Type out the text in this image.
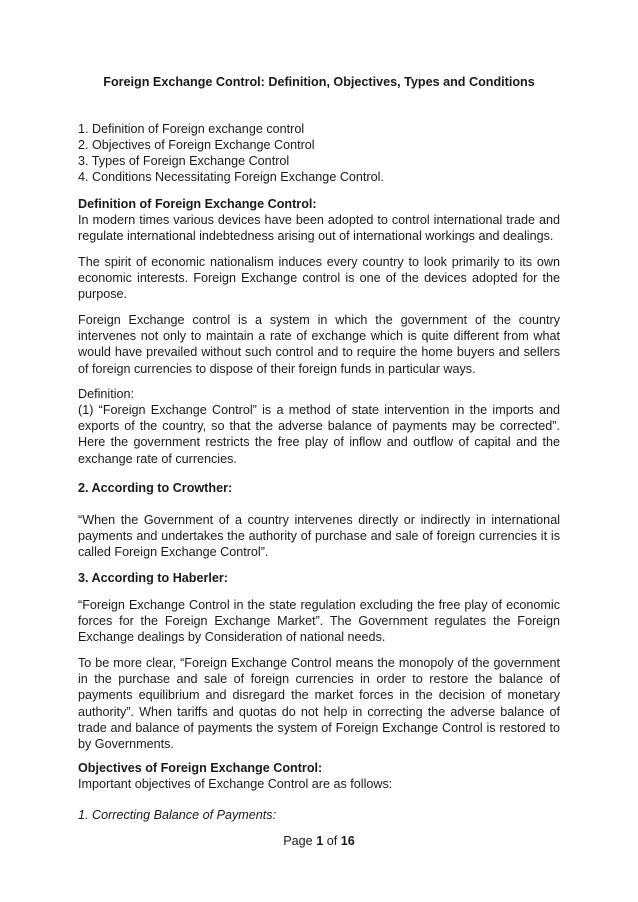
Foreign Exchange Control: Definition, Objectives, Types and Conditions
1. Definition of Foreign exchange control
2. Objectives of Foreign Exchange Control
3. Types of Foreign Exchange Control
4. Conditions Necessitating Foreign Exchange Control.
Definition of Foreign Exchange Control:
In modern times various devices have been adopted to control international trade and regulate international indebtedness arising out of international workings and dealings.
The spirit of economic nationalism induces every country to look primarily to its own economic interests. Foreign Exchange control is one of the devices adopted for the purpose.
Foreign Exchange control is a system in which the government of the country intervenes not only to maintain a rate of exchange which is quite different from what would have prevailed without such control and to require the home buyers and sellers of foreign currencies to dispose of their foreign funds in particular ways.
Definition:
(1) “Foreign Exchange Control” is a method of state intervention in the imports and exports of the country, so that the adverse balance of payments may be corrected”. Here the government restricts the free play of inflow and outflow of capital and the exchange rate of currencies.
2. According to Crowther:
“When the Government of a country intervenes directly or indirectly in international payments and undertakes the authority of purchase and sale of foreign currencies it is called Foreign Exchange Control”.
3. According to Haberler:
“Foreign Exchange Control in the state regulation excluding the free play of economic forces for the Foreign Exchange Market”. The Government regulates the Foreign Exchange dealings by Consideration of national needs.
To be more clear, “Foreign Exchange Control means the monopoly of the government in the purchase and sale of foreign currencies in order to restore the balance of payments equilibrium and disregard the market forces in the decision of monetary authority”. When tariffs and quotas do not help in correcting the adverse balance of trade and balance of payments the system of Foreign Exchange Control is restored to by Governments.
Objectives of Foreign Exchange Control:
Important objectives of Exchange Control are as follows:
1. Correcting Balance of Payments:
Page 1 of 16
